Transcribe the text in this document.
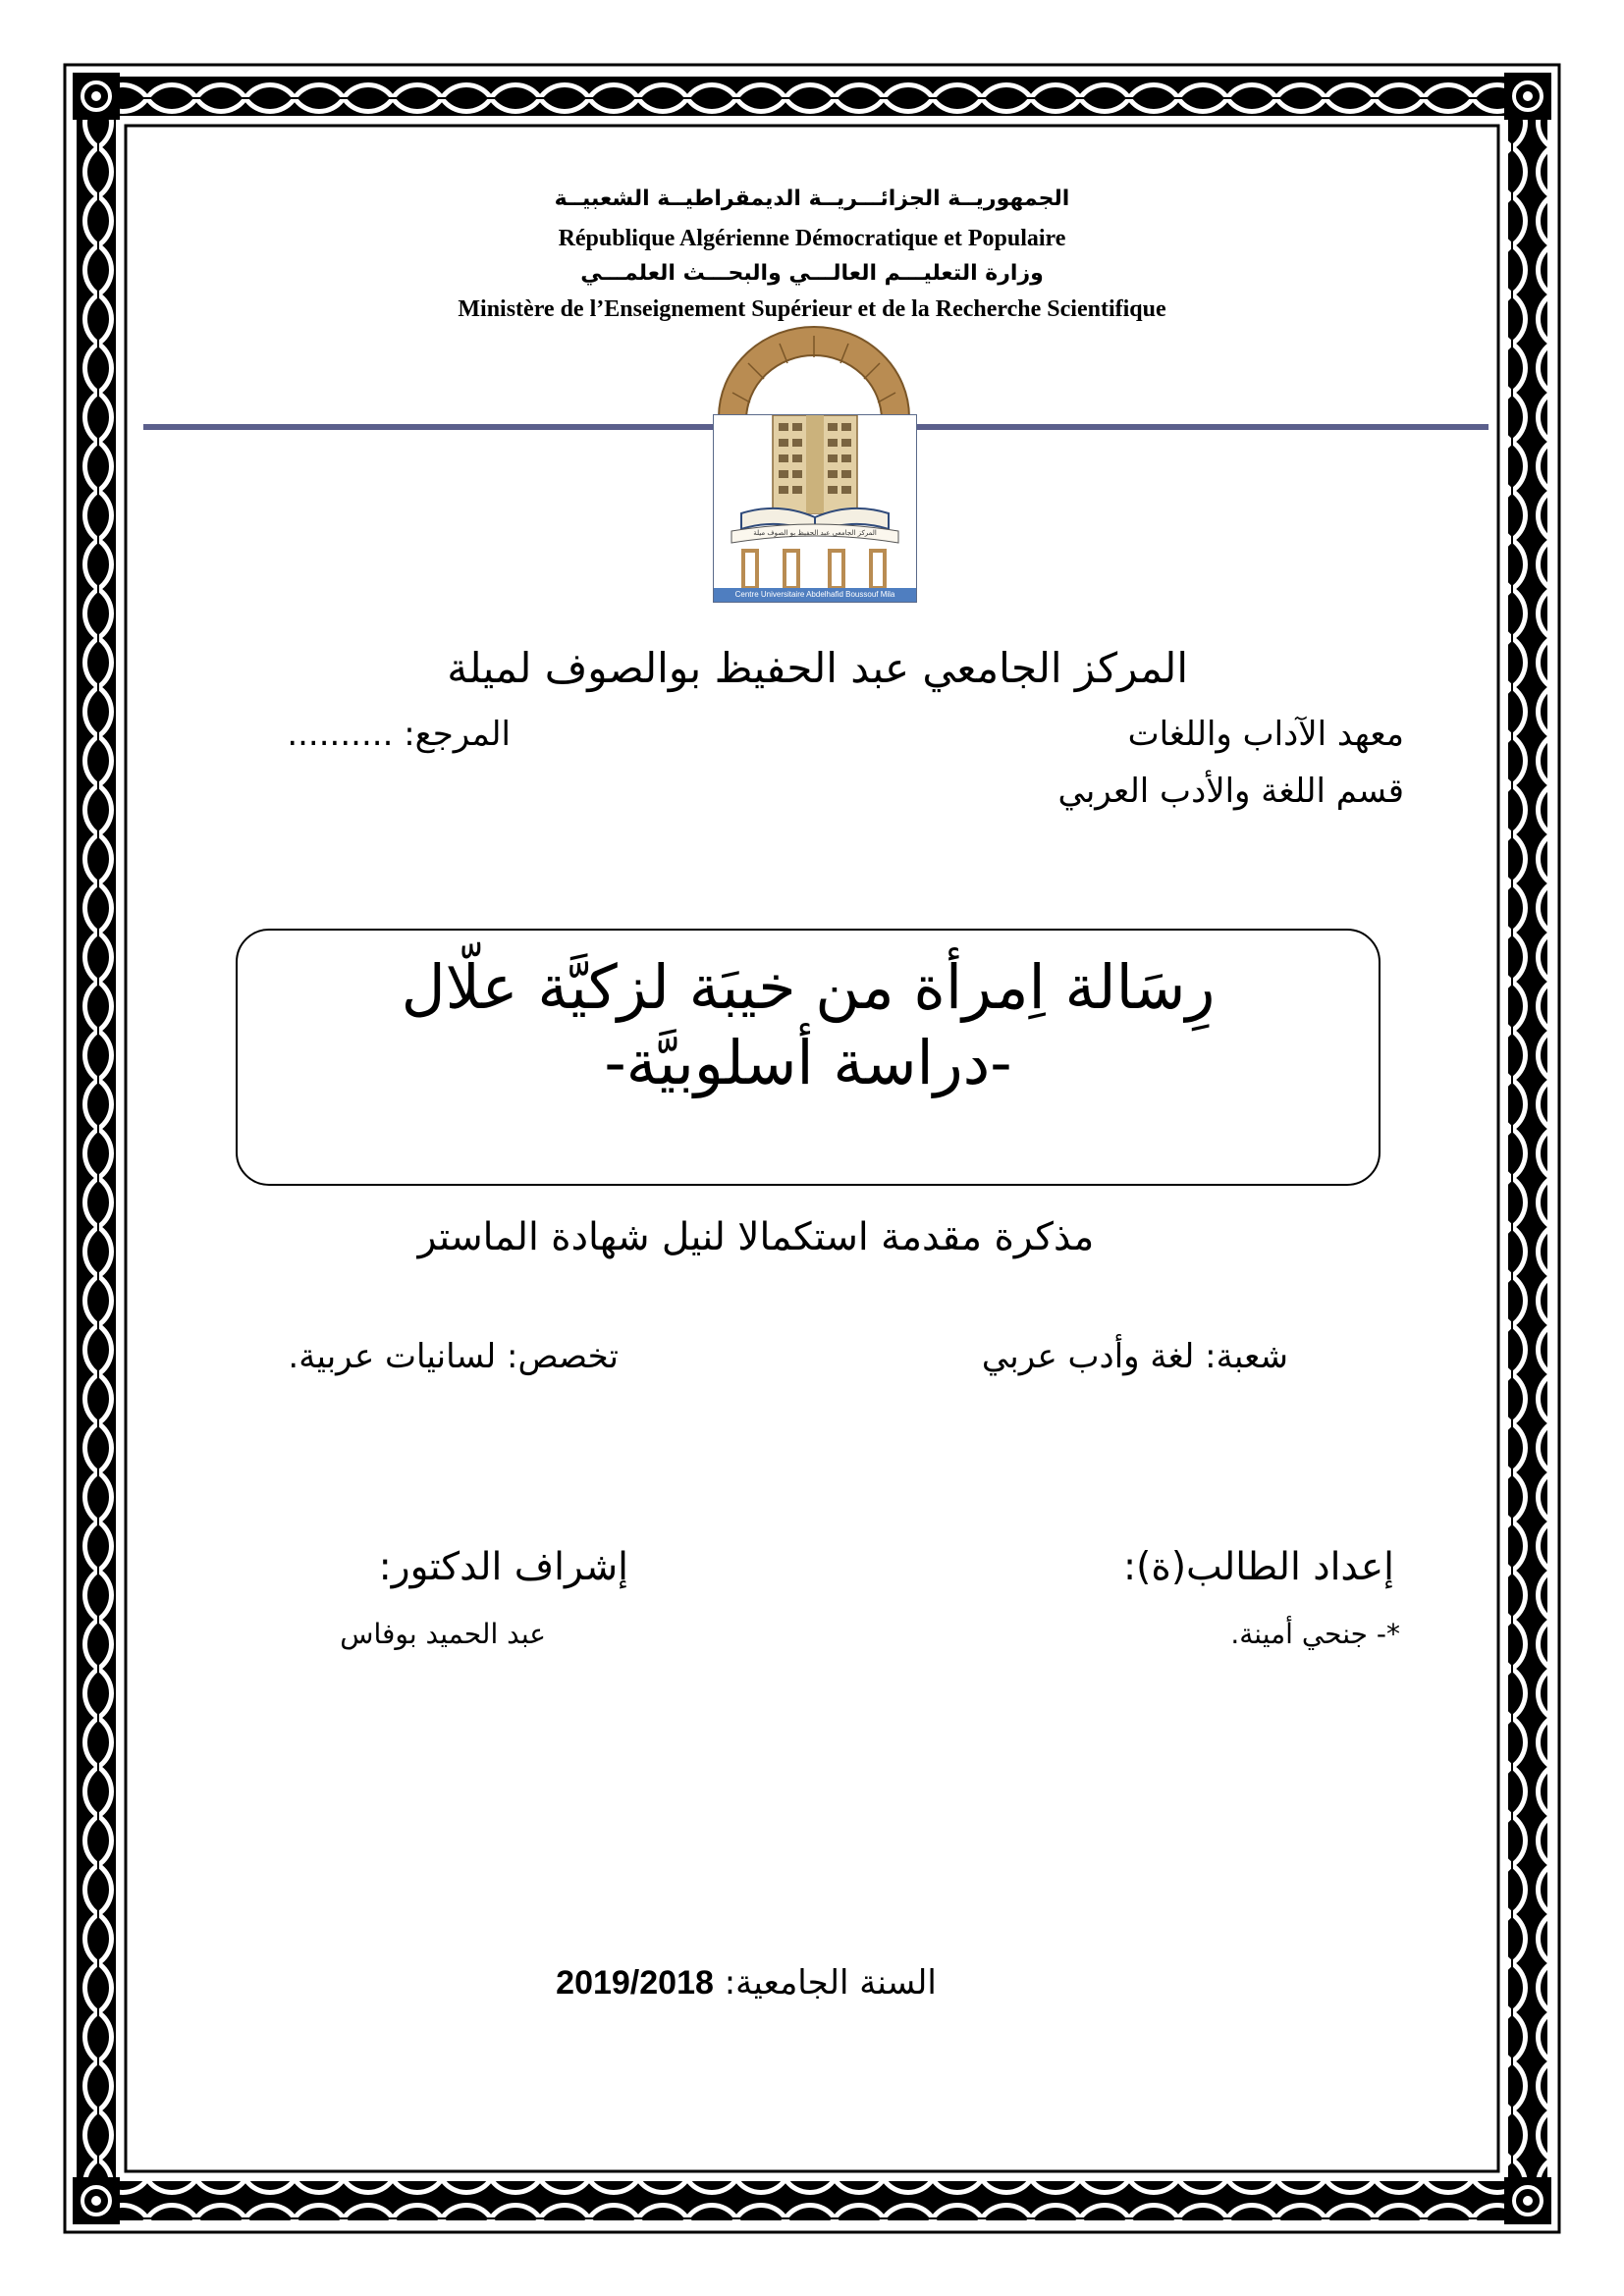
الجمهوريــة الجزائـــريــة الديمقراطيــة الشعبيــة
République Algérienne Démocratique et Populaire
وزارة التعليـــم العالـــي والبحـــث العلمـــي
Ministère de l’Enseignement Supérieur et de la Recherche Scientifique
المركز الجامعي عبد الحفيظ بو الصوف ميلة
Centre Universitaire Abdelhafid Boussouf Mila
المركز الجامعي عبد الحفيظ بوالصوف لميلة
معهد الآداب واللغات
المرجع: ..........
قسم اللغة والأدب العربي
رِسَالة اِمرأة من خيبَة لزكيَّة علّال
-دراسة أسلوبيَّة-
مذكرة مقدمة استكمالا لنيل شهادة الماستر
شعبة: لغة وأدب عربي
تخصص: لسانيات عربية.
إعداد الطالب(ة):
*- جنحي أمينة.
إشراف الدكتور:
عبد الحميد بوفاس
السنة الجامعية: 2019/2018
